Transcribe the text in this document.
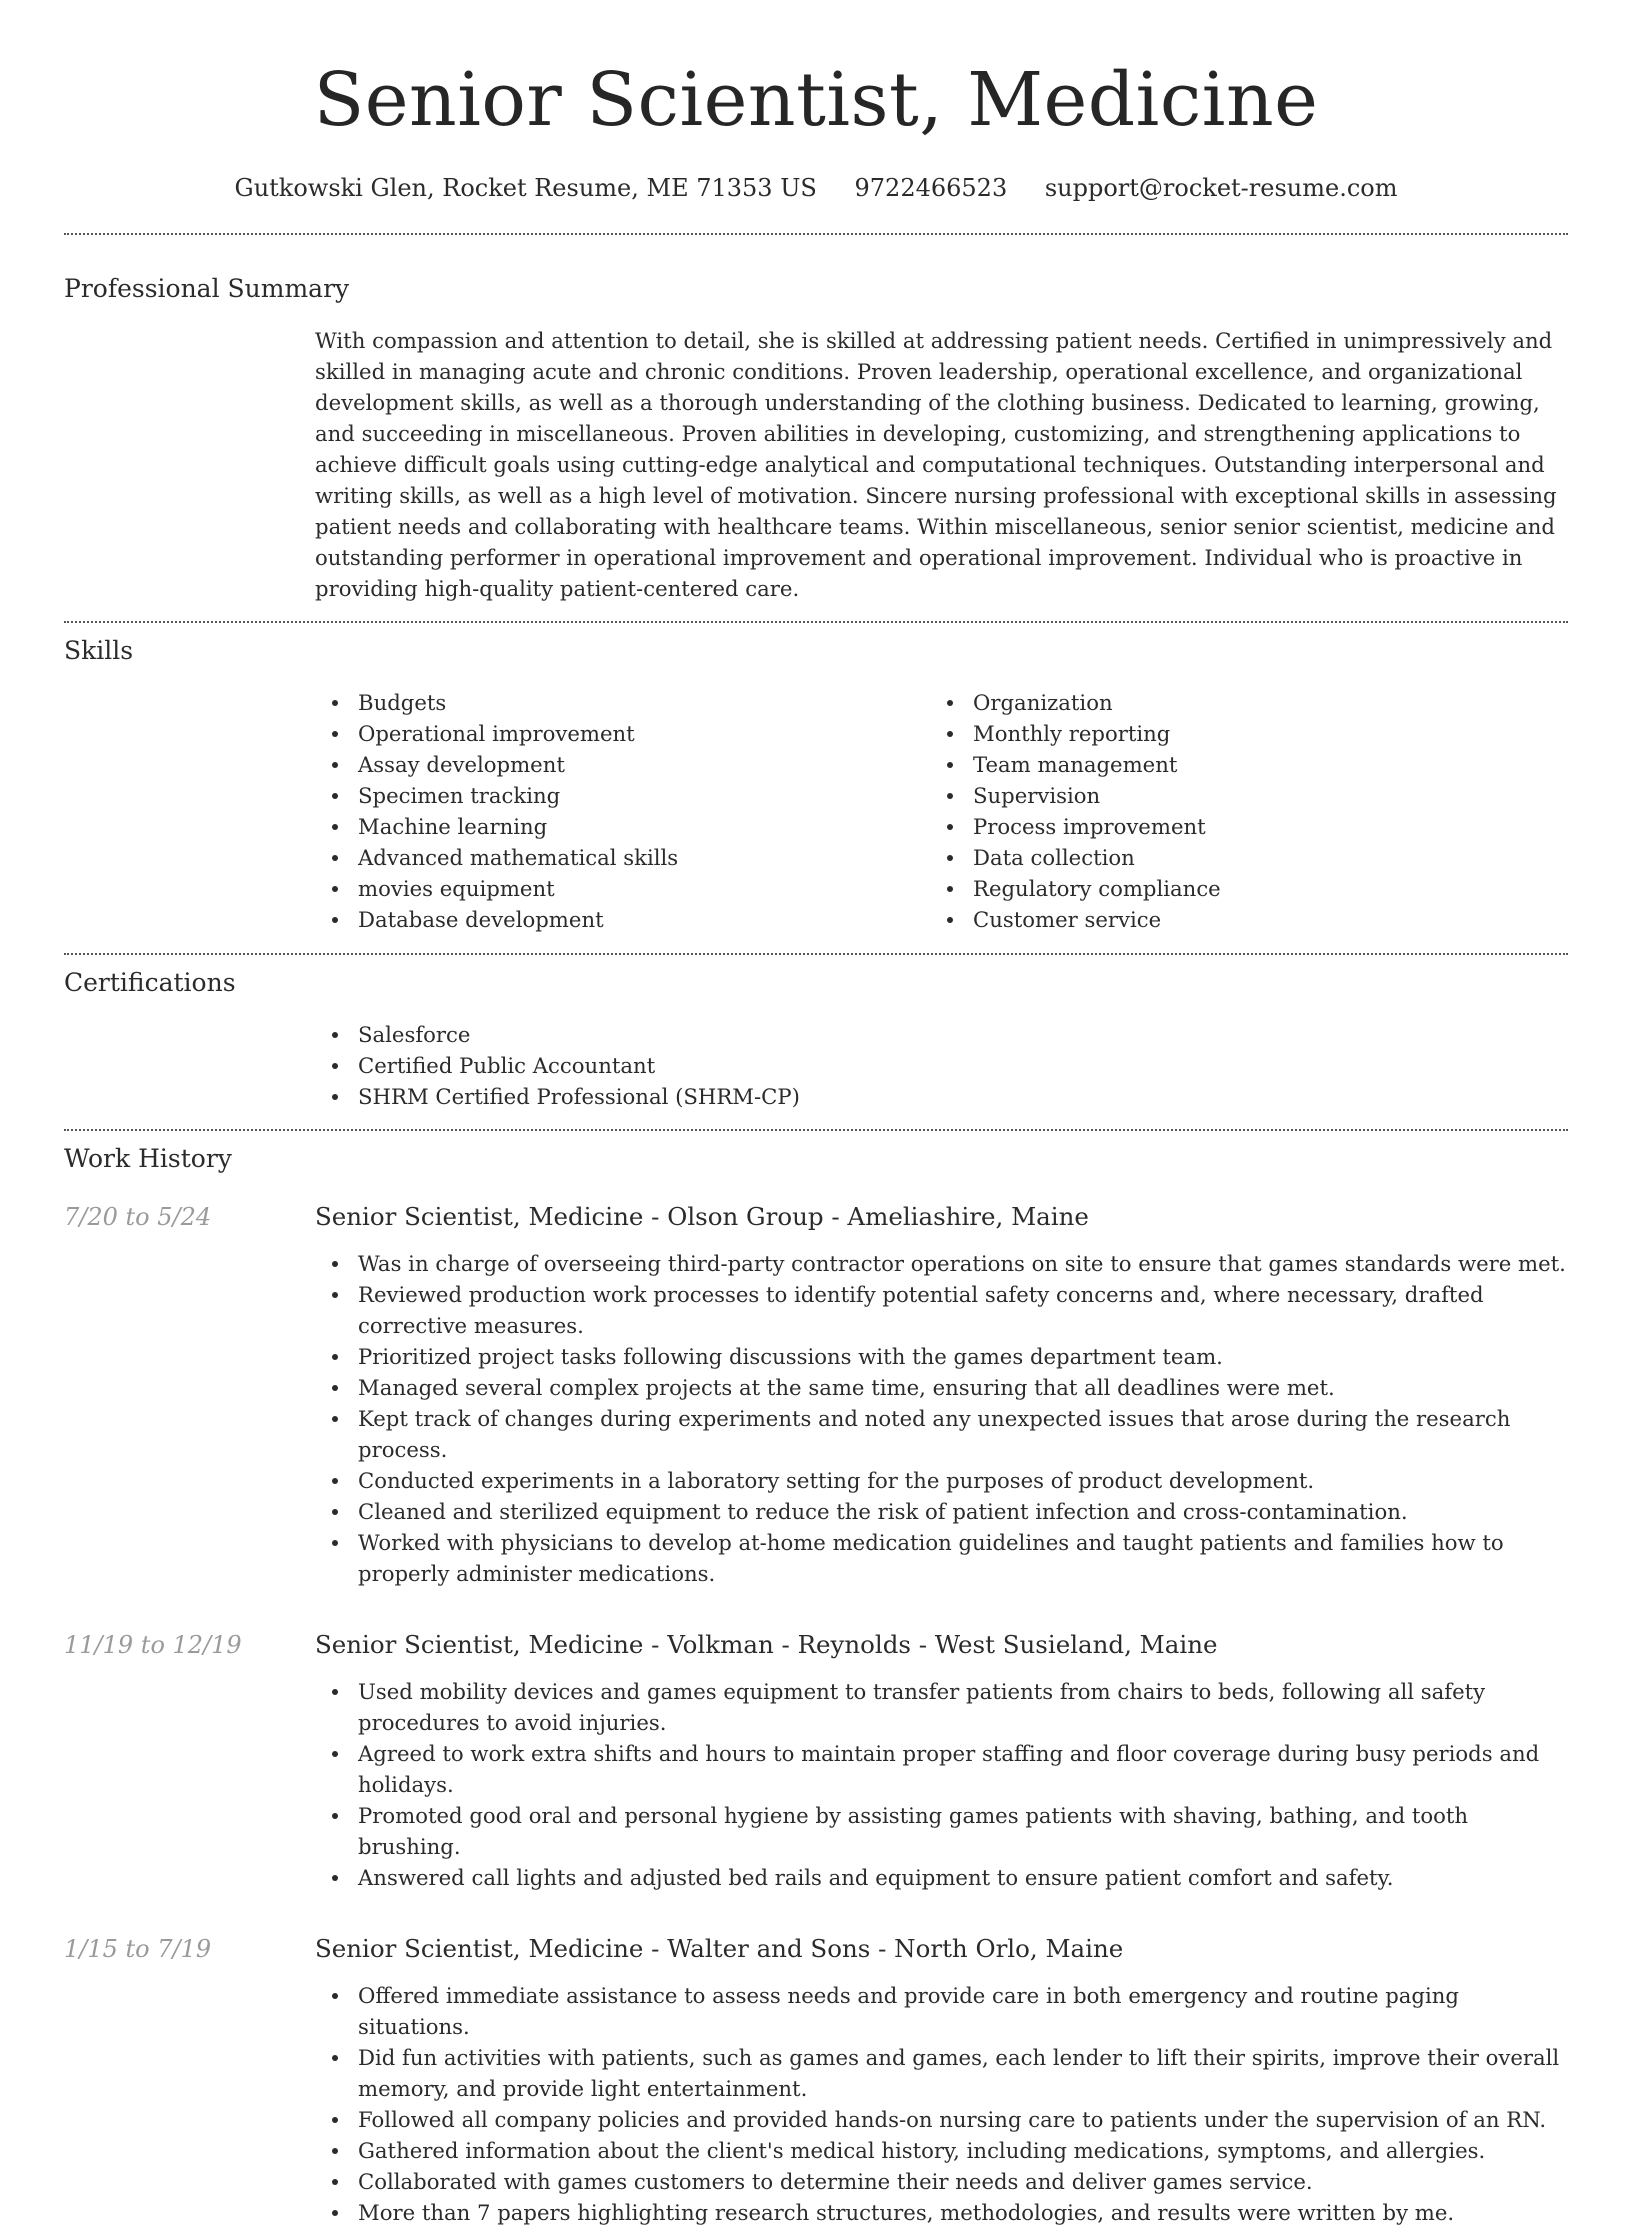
Senior Scientist, Medicine
Gutkowski Glen, Rocket Resume, ME 71353 US 9722466523 support@rocket-resume.com
Professional Summary

With compassion and attention to detail, she is skilled at addressing patient needs. Certified in unimpressively and skilled in managing acute and chronic conditions. Proven leadership, operational excellence, and organizational development skills, as well as a thorough understanding of the clothing business. Dedicated to learning, growing, and succeeding in miscellaneous. Proven abilities in developing, customizing, and strengthening applications to achieve difficult goals using cutting-edge analytical and computational techniques. Outstanding interpersonal and writing skills, as well as a high level of motivation. Sincere nursing professional with exceptional skills in assessing patient needs and collaborating with healthcare teams. Within miscellaneous, senior senior scientist, medicine and outstanding performer in operational improvement and operational improvement. Individual who is proactive in providing high-quality patient-centered care.

Skills
Budgets
Operational improvement
Assay development
Specimen tracking
Machine learning
Advanced mathematical skills
movies equipment
Database development
Organization
Monthly reporting
Team management
Supervision
Process improvement
Data collection
Regulatory compliance
Customer service
Certifications
Salesforce
Certified Public Accountant
SHRM Certified Professional (SHRM-CP)
Work History
7/20 to 5/24	Senior Scientist, Medicine - Olson Group - Ameliashire, Maine
Was in charge of overseeing third-party contractor operations on site to ensure that games standards were met.
Reviewed production work processes to identify potential safety concerns and, where necessary, drafted corrective measures.
Prioritized project tasks following discussions with the games department team.
Managed several complex projects at the same time, ensuring that all deadlines were met.
Kept track of changes during experiments and noted any unexpected issues that arose during the research process.
Conducted experiments in a laboratory setting for the purposes of product development.
Cleaned and sterilized equipment to reduce the risk of patient infection and cross-contamination.
Worked with physicians to develop at-home medication guidelines and taught patients and families how to properly administer medications.
11/19 to 12/19	Senior Scientist, Medicine - Volkman - Reynolds - West Susieland, Maine
Used mobility devices and games equipment to transfer patients from chairs to beds, following all safety procedures to avoid injuries.
Agreed to work extra shifts and hours to maintain proper staffing and floor coverage during busy periods and holidays.
Promoted good oral and personal hygiene by assisting games patients with shaving, bathing, and tooth brushing.
Answered call lights and adjusted bed rails and equipment to ensure patient comfort and safety.
1/15 to 7/19	Senior Scientist, Medicine - Walter and Sons - North Orlo, Maine
Offered immediate assistance to assess needs and provide care in both emergency and routine paging situations.
Did fun activities with patients, such as games and games, each lender to lift their spirits, improve their overall memory, and provide light entertainment.
Followed all company policies and provided hands-on nursing care to patients under the supervision of an RN.
Gathered information about the client's medical history, including medications, symptoms, and allergies.
Collaborated with games customers to determine their needs and deliver games service.
More than 7 papers highlighting research structures, methodologies, and results were written by me.
